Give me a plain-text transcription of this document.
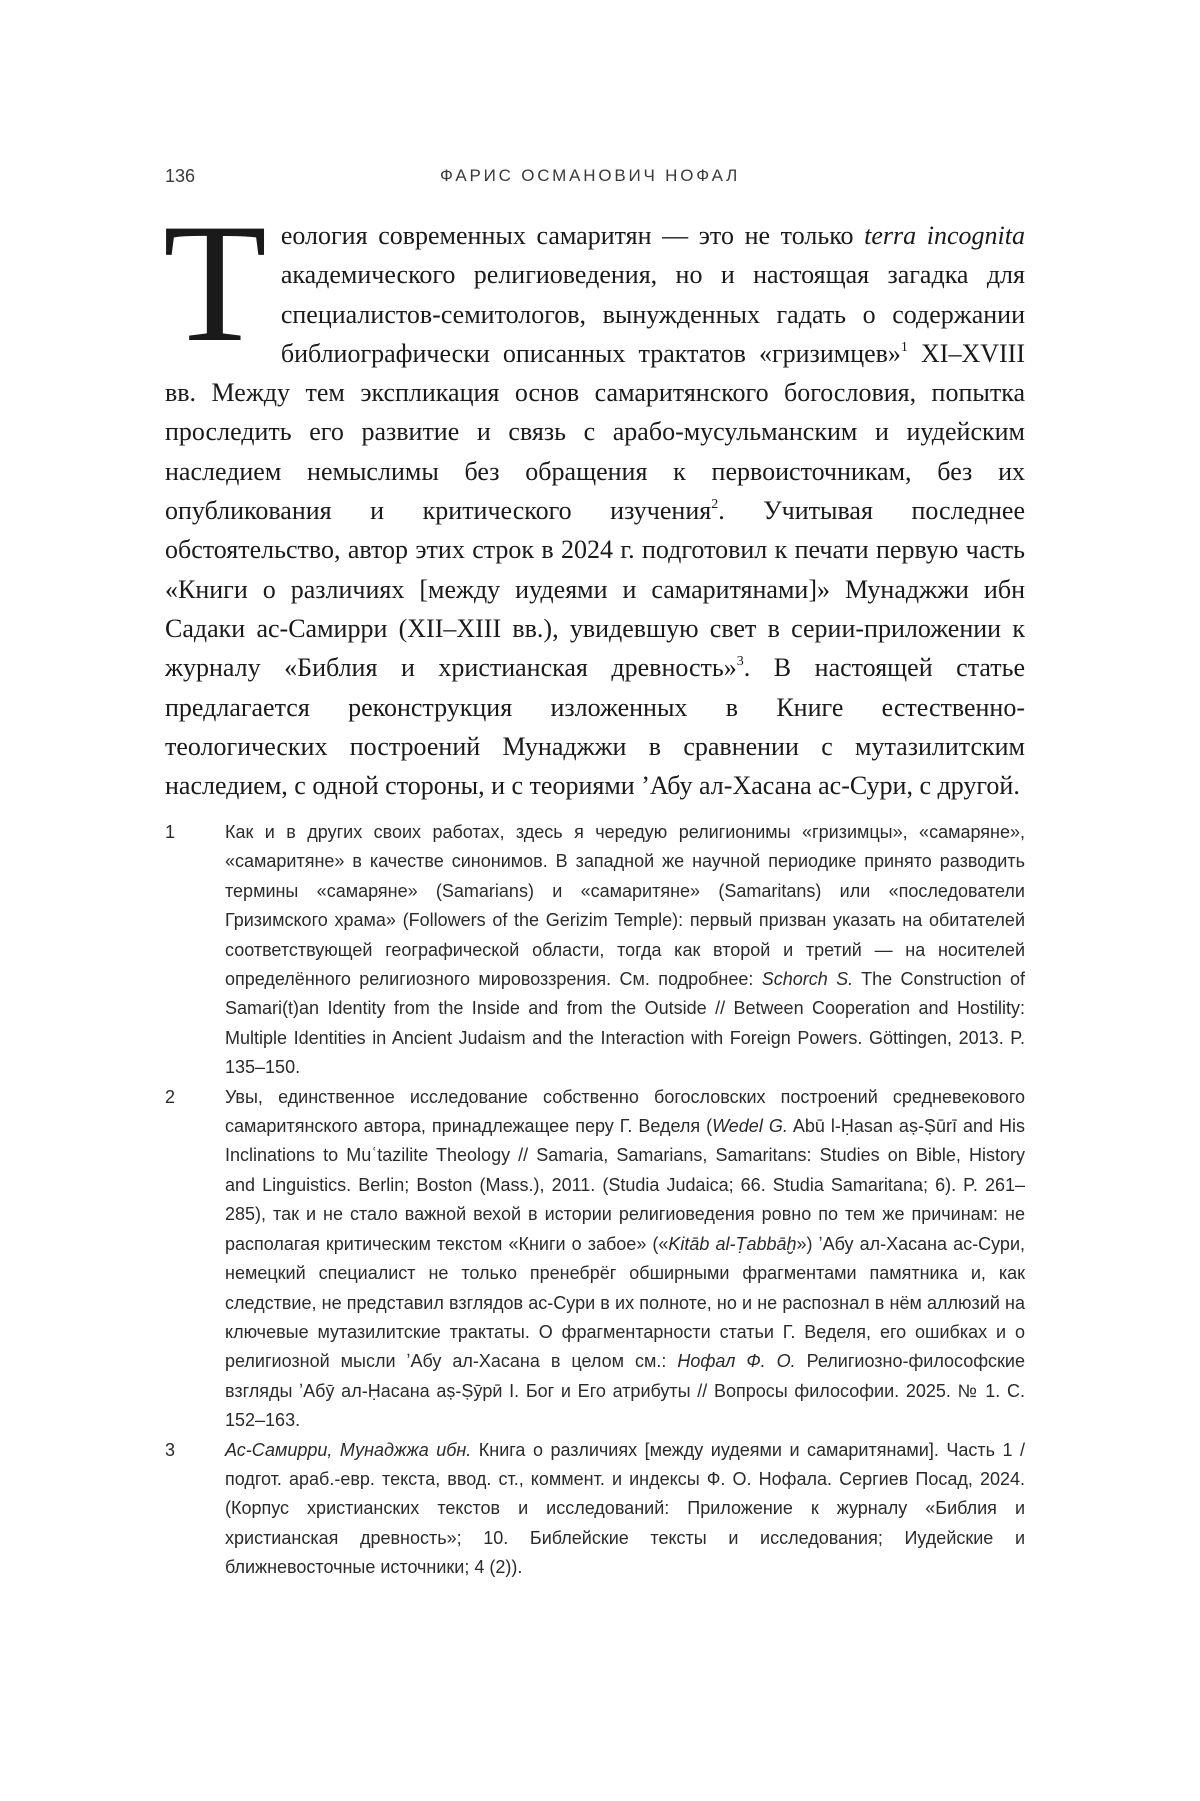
136	ФАРИС ОСМАНОВИЧ НОФАЛ
Теология современных самаритян — это не только terra incognita академического религиоведения, но и настоящая загадка для специалистов-семитологов, вынужденных гадать о содержании библиографически описанных трактатов «гризимцев»$^1$ XI–XVIII вв. Между тем экспликация основ самаритянского богословия, попытка проследить его развитие и связь с арабо-мусульманским и иудейским наследием немыслимы без обращения к первоисточникам, без их опубликования и критического изучения$^2$. Учитывая последнее обстоятельство, автор этих строк в 2024 г. подготовил к печати первую часть «Книги о различиях [между иудеями и самаритянами]» Мунаджжи ибн Садаки ас-Самирри (XII–XIII вв.), увидевшую свет в серии-приложении к журналу «Библия и христианская древность»$^3$. В настоящей статье предлагается реконструкция изложенных в Книге естественно-теологических построений Мунаджжи в сравнении с мутазилитским наследием, с одной стороны, и с теориями ʼАбу ал-Хасана ас-Сури, с другой.
1	Как и в других своих работах, здесь я чередую религионимы «гризимцы», «самаряне», «самаритяне» в качестве синонимов. В западной же научной периодике принято разводить термины «самаряне» (Samarians) и «самаритяне» (Samaritans) или «последователи Гризимского храма» (Followers of the Gerizim Temple): первый призван указать на обитателей соответствующей географической области, тогда как второй и третий — на носителей определённого религиозного мировоззрения. См. подробнее: Schorch S. The Construction of Samari(t)an Identity from the Inside and from the Outside // Between Cooperation and Hostility: Multiple Identities in Ancient Judaism and the Interaction with Foreign Powers. Göttingen, 2013. P. 135–150.
2	Увы, единственное исследование собственно богословских построений средневекового самаритянского автора, принадлежащее перу Г. Веделя (Wedel G. Abū l-Ḥasan aṣ-Ṣūrī and His Inclinations to Muʿtazilite Theology // Samaria, Samarians, Samaritans: Studies on Bible, History and Linguistics. Berlin; Boston (Mass.), 2011. (Studia Judaica; 66. Studia Samaritana; 6). P. 261–285), так и не стало важной вехой в истории религиоведения ровно по тем же причинам: не располагая критическим текстом «Книги о забое» («Kitāb al-Ṭabbāḫ») ʼАбу ал-Хасана ас-Сури, немецкий специалист не только пренебрёг обширными фрагментами памятника и, как следствие, не представил взглядов ас-Сури в их полноте, но и не распознал в нём аллюзий на ключевые мутазилитские трактаты. О фрагментарности статьи Г. Веделя, его ошибках и о религиозной мысли ʼАбу ал-Хасана в целом см.: Нофал Ф. О. Религиозно-философские взгляды ʼАбӯ ал-Ḥасана аṣ-Ṣӯрӣ I. Бог и Его атрибуты // Вопросы философии. 2025. № 1. С. 152–163.
3	Ас-Самирри, Мунаджжа ибн. Книга о различиях [между иудеями и самаритянами]. Часть 1 / подгот. араб.-евр. текста, ввод. ст., коммент. и индексы Ф. О. Нофала. Сергиев Посад, 2024. (Корпус христианских текстов и исследований: Приложение к журналу «Библия и христианская древность»; 10. Библейские тексты и исследования; Иудейские и ближневосточные источники; 4 (2)).
